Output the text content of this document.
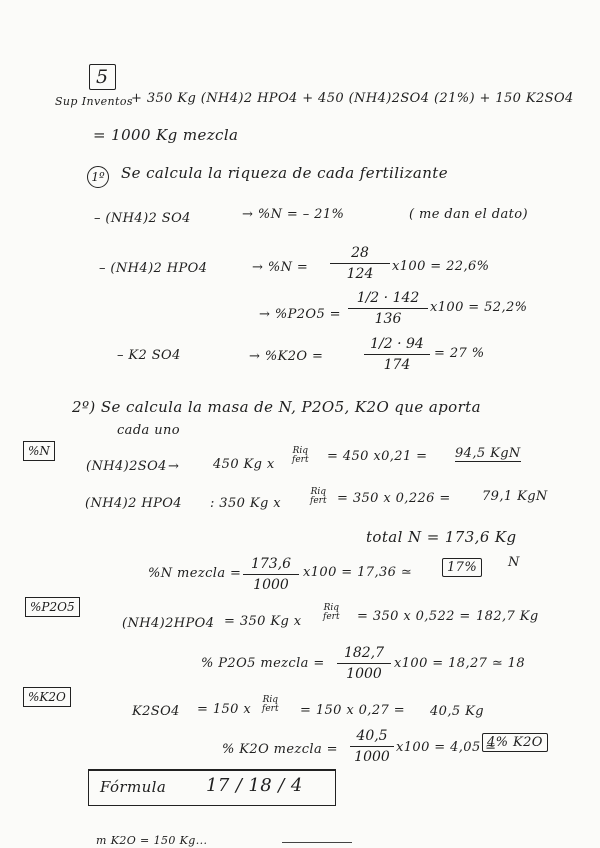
5
Sup Inventos
+ 350 Kg (NH4)2 HPO4 + 450 (NH4)2SO4 (21%) + 150 K2SO4
= 1000 Kg mezcla
1º Se calcula la riqueza de cada fertilizante
– (NH4)2 SO4	→ %N = – 21%	( me dan el dato)
– (NH4)2 HPO4	→ %N =
28
124	x100 = 22,6%
→ %P2O5 =
1/2 · 142
136
x100 = 52,2%
– K2 SO4	→ %K2O =
1/2 · 94
174
= 27 %
2º) Se calcula la masa de N, P2O5, K2O que aporta
cada uno
%N
(NH4)2SO4 →	450 Kg x
Riq
fert = 450 x0,21 = 94,5 KgN
(NH4)2 HPO4 : 350 Kg x
Riq
fert = 350 x 0,226 = 79,1 KgN
total N = 173,6 Kg
%N mezcla =
173,6
1000
x100 = 17,36 ≃	17%	N
%P2O5
(NH4)2HPO4 = 350 Kg x
Riq
fert = 350 x 0,522 = 182,7 Kg
% P2O5 mezcla =
182,7
1000
x100 = 18,27 ≃ 18
%K2O
K2SO4 = 150 x
Riq
fert = 150 x 0,27 = 40,5 Kg
% K2O mezcla =
40,5
1000
x100 = 4,05 ≃
4% K2O
Fórmula 17 / 18 / 4
m K2O = 150 Kg...
